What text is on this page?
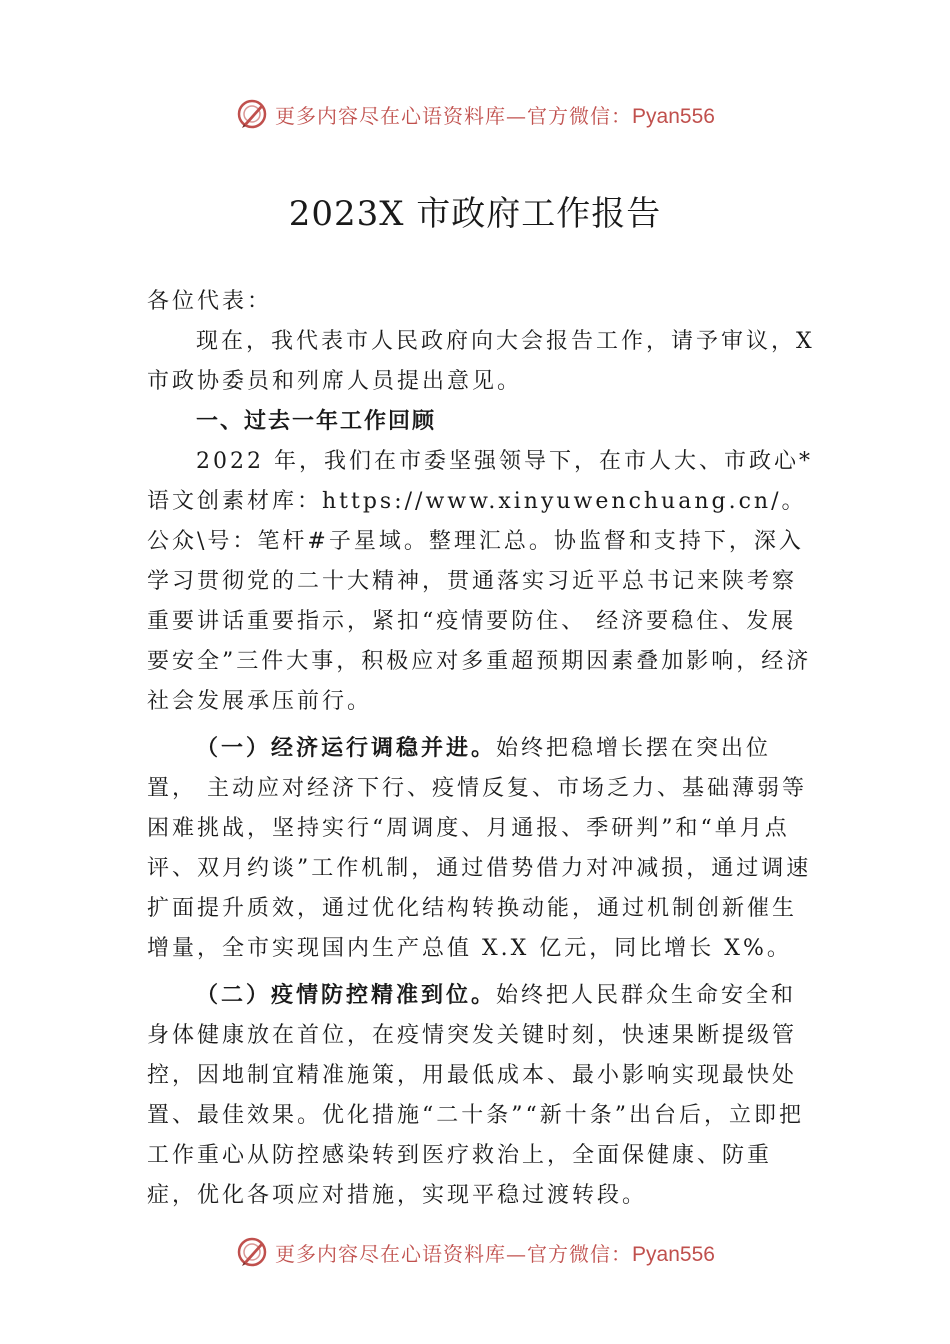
更多内容尽在心语资料库—官方微信：Pyan556
2023X 市政府工作报告

各位代表：

现在，我代表市人民政府向大会报告工作，请予审议，X 市政协委员和列席人员提出意见。

一、过去一年工作回顾

2022 年，我们在市委坚强领导下，在市人大、市政心*语文创素材库：https://www.xinyuwenchuang.cn/。公众\号：笔杆#子星域。整理汇总。协监督和支持下，深入学习贯彻党的二十大精神，贯通落实习近平总书记来陕考察重要讲话重要指示，紧扣“疫情要防住、 经济要稳住、发展要安全”三件大事，积极应对多重超预期因素叠加影响，经济社会发展承压前行。

（一）经济运行调稳并进。始终把稳增长摆在突出位置， 主动应对经济下行、疫情反复、市场乏力、基础薄弱等困难挑战，坚持实行“周调度、月通报、季研判”和“单月点评、双月约谈”工作机制，通过借势借力对冲减损，通过调速扩面提升质效，通过优化结构转换动能，通过机制创新催生增量，全市实现国内生产总值 X.X 亿元，同比增长 X%。

（二）疫情防控精准到位。始终把人民群众生命安全和身体健康放在首位，在疫情突发关键时刻，快速果断提级管控，因地制宜精准施策，用最低成本、最小影响实现最快处置、最佳效果。优化措施“二十条”“新十条”出台后，立即把工作重心从防控感染转到医疗救治上，全面保健康、防重症，优化各项应对措施，实现平稳过渡转段。

更多内容尽在心语资料库—官方微信：Pyan556
